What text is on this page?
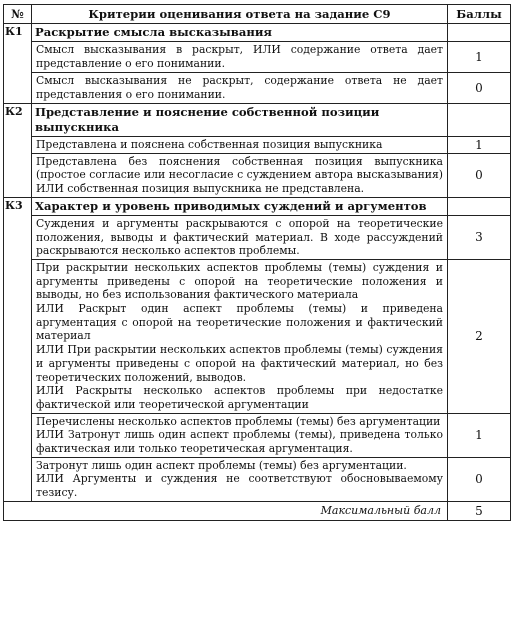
№	Критерии оценивания ответа на задание С9	Баллы
К1	Раскрытие смысла высказывания	
	Смысл высказывания в раскрыт, ИЛИ содержание ответа дает представление о его понимании.	1
	Смысл высказывания не раскрыт, содержание ответа не дает представления о его понимании.	0
К2	Представление и пояснение собственной позиции выпускника	
	Представлена и пояснена собственная позиция выпускника	1
	Представлена без пояснения собственная позиция выпускника (простое согласие или несогласие с суждением автора высказывания) ИЛИ собственная позиция выпускника не представлена.	0
К3	Характер и уровень приводимых суждений и аргументов	

	Суждения и аргументы раскрываются с опорой на теоретические положения, выводы и фактический материал. В ходе рассуждений раскрываются несколько аспектов проблемы.	3

	При раскрытии нескольких аспектов проблемы (темы) суждения и аргументы приведены с опорой на теоретические положения и выводы, но без использования фактического материала
ИЛИ Раскрыт один аспект проблемы (темы) и приведена аргументация с опорой на теоретические положения и фактический материал
ИЛИ При раскрытии нескольких аспектов проблемы (темы) суждения и аргументы приведены с опорой на фактический материал, но без теоретических положений, выводов.
ИЛИ Раскрыты несколько аспектов проблемы при недостатке фактической или теоретической аргументации	2

	Перечислены несколько аспектов проблемы (темы) без аргументации
ИЛИ Затронут лишь один аспект проблемы (темы), приведена только фактическая или только теоретическая аргументация.	1

	Затронут лишь один аспект проблемы (темы) без аргументации.
ИЛИ Аргументы и суждения не соответствуют обосновываемому тезису.	0
Максимальный балл		5
